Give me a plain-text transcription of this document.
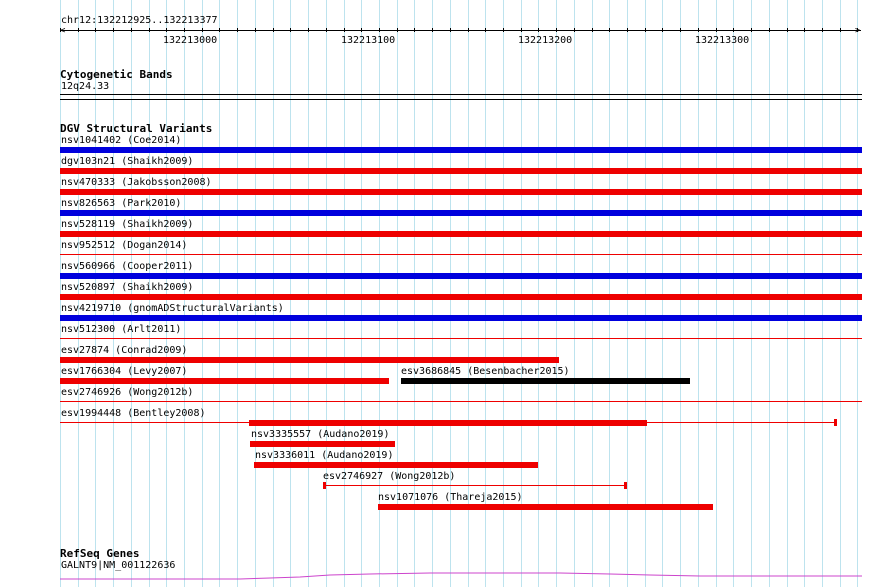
chr12:132212925..132213377
<	>
132213000	132213100	132213200	132213300
Cytogenetic Bands
12q24.33
DGV Structural Variants
nsv1041402 (Coe2014)
dgv103n21 (Shaikh2009)
nsv470333 (Jakobsson2008)
nsv826563 (Park2010)
nsv528119 (Shaikh2009)
nsv952512 (Dogan2014)
nsv560966 (Cooper2011)
nsv520897 (Shaikh2009)
nsv4219710 (gnomADStructuralVariants)
nsv512300 (Arlt2011)
esv27874 (Conrad2009)
esv1766304 (Levy2007)	esv3686845 (Besenbacher2015)
esv2746926 (Wong2012b)
esv1994448 (Bentley2008)
nsv3335557 (Audano2019)
nsv3336011 (Audano2019)
esv2746927 (Wong2012b)
nsv1071076 (Thareja2015)
RefSeq Genes
GALNT9|NM_001122636
